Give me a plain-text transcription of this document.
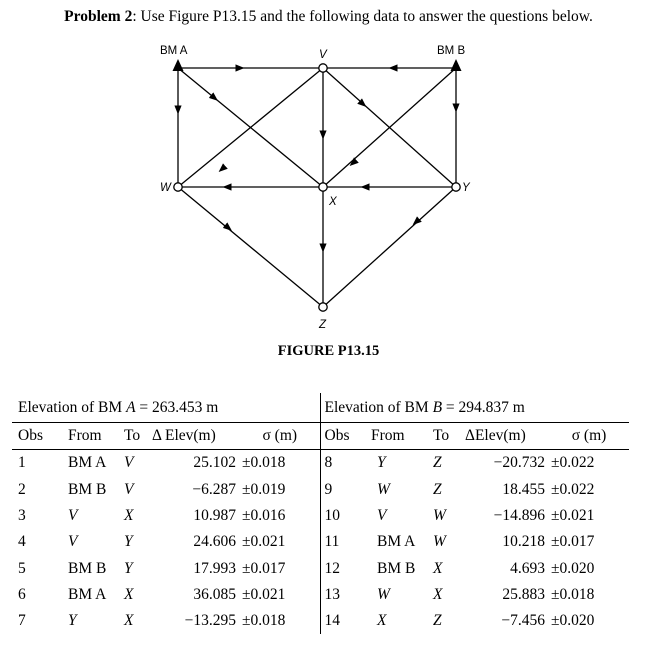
Problem 2: Use Figure P13.15 and the following data to answer the questions below.
BM A	BM B
V
W
X
Y
Z
FIGURE P13.15
Elevation of BM A = 263.453 m					Elevation of BM B = 294.837 m				
Obs	From	To	Δ Elev(m)	σ (m)	Obs	From	To	ΔElev(m)	σ (m)
1	BM A	V	25.102	±0.018	8	Y	Z	−20.732	±0.022
2	BM B	V	−6.287	±0.019	9	W	Z	18.455	±0.022
3	V	X	10.987	±0.016	10	V	W	−14.896	±0.021
4	V	Y	24.606	±0.021	11	BM A	W	10.218	±0.017
5	BM B	Y	17.993	±0.017	12	BM B	X	4.693	±0.020
6	BM A	X	36.085	±0.021	13	W	X	25.883	±0.018
7	Y	X	−13.295	±0.018	14	X	Z	−7.456	±0.020
